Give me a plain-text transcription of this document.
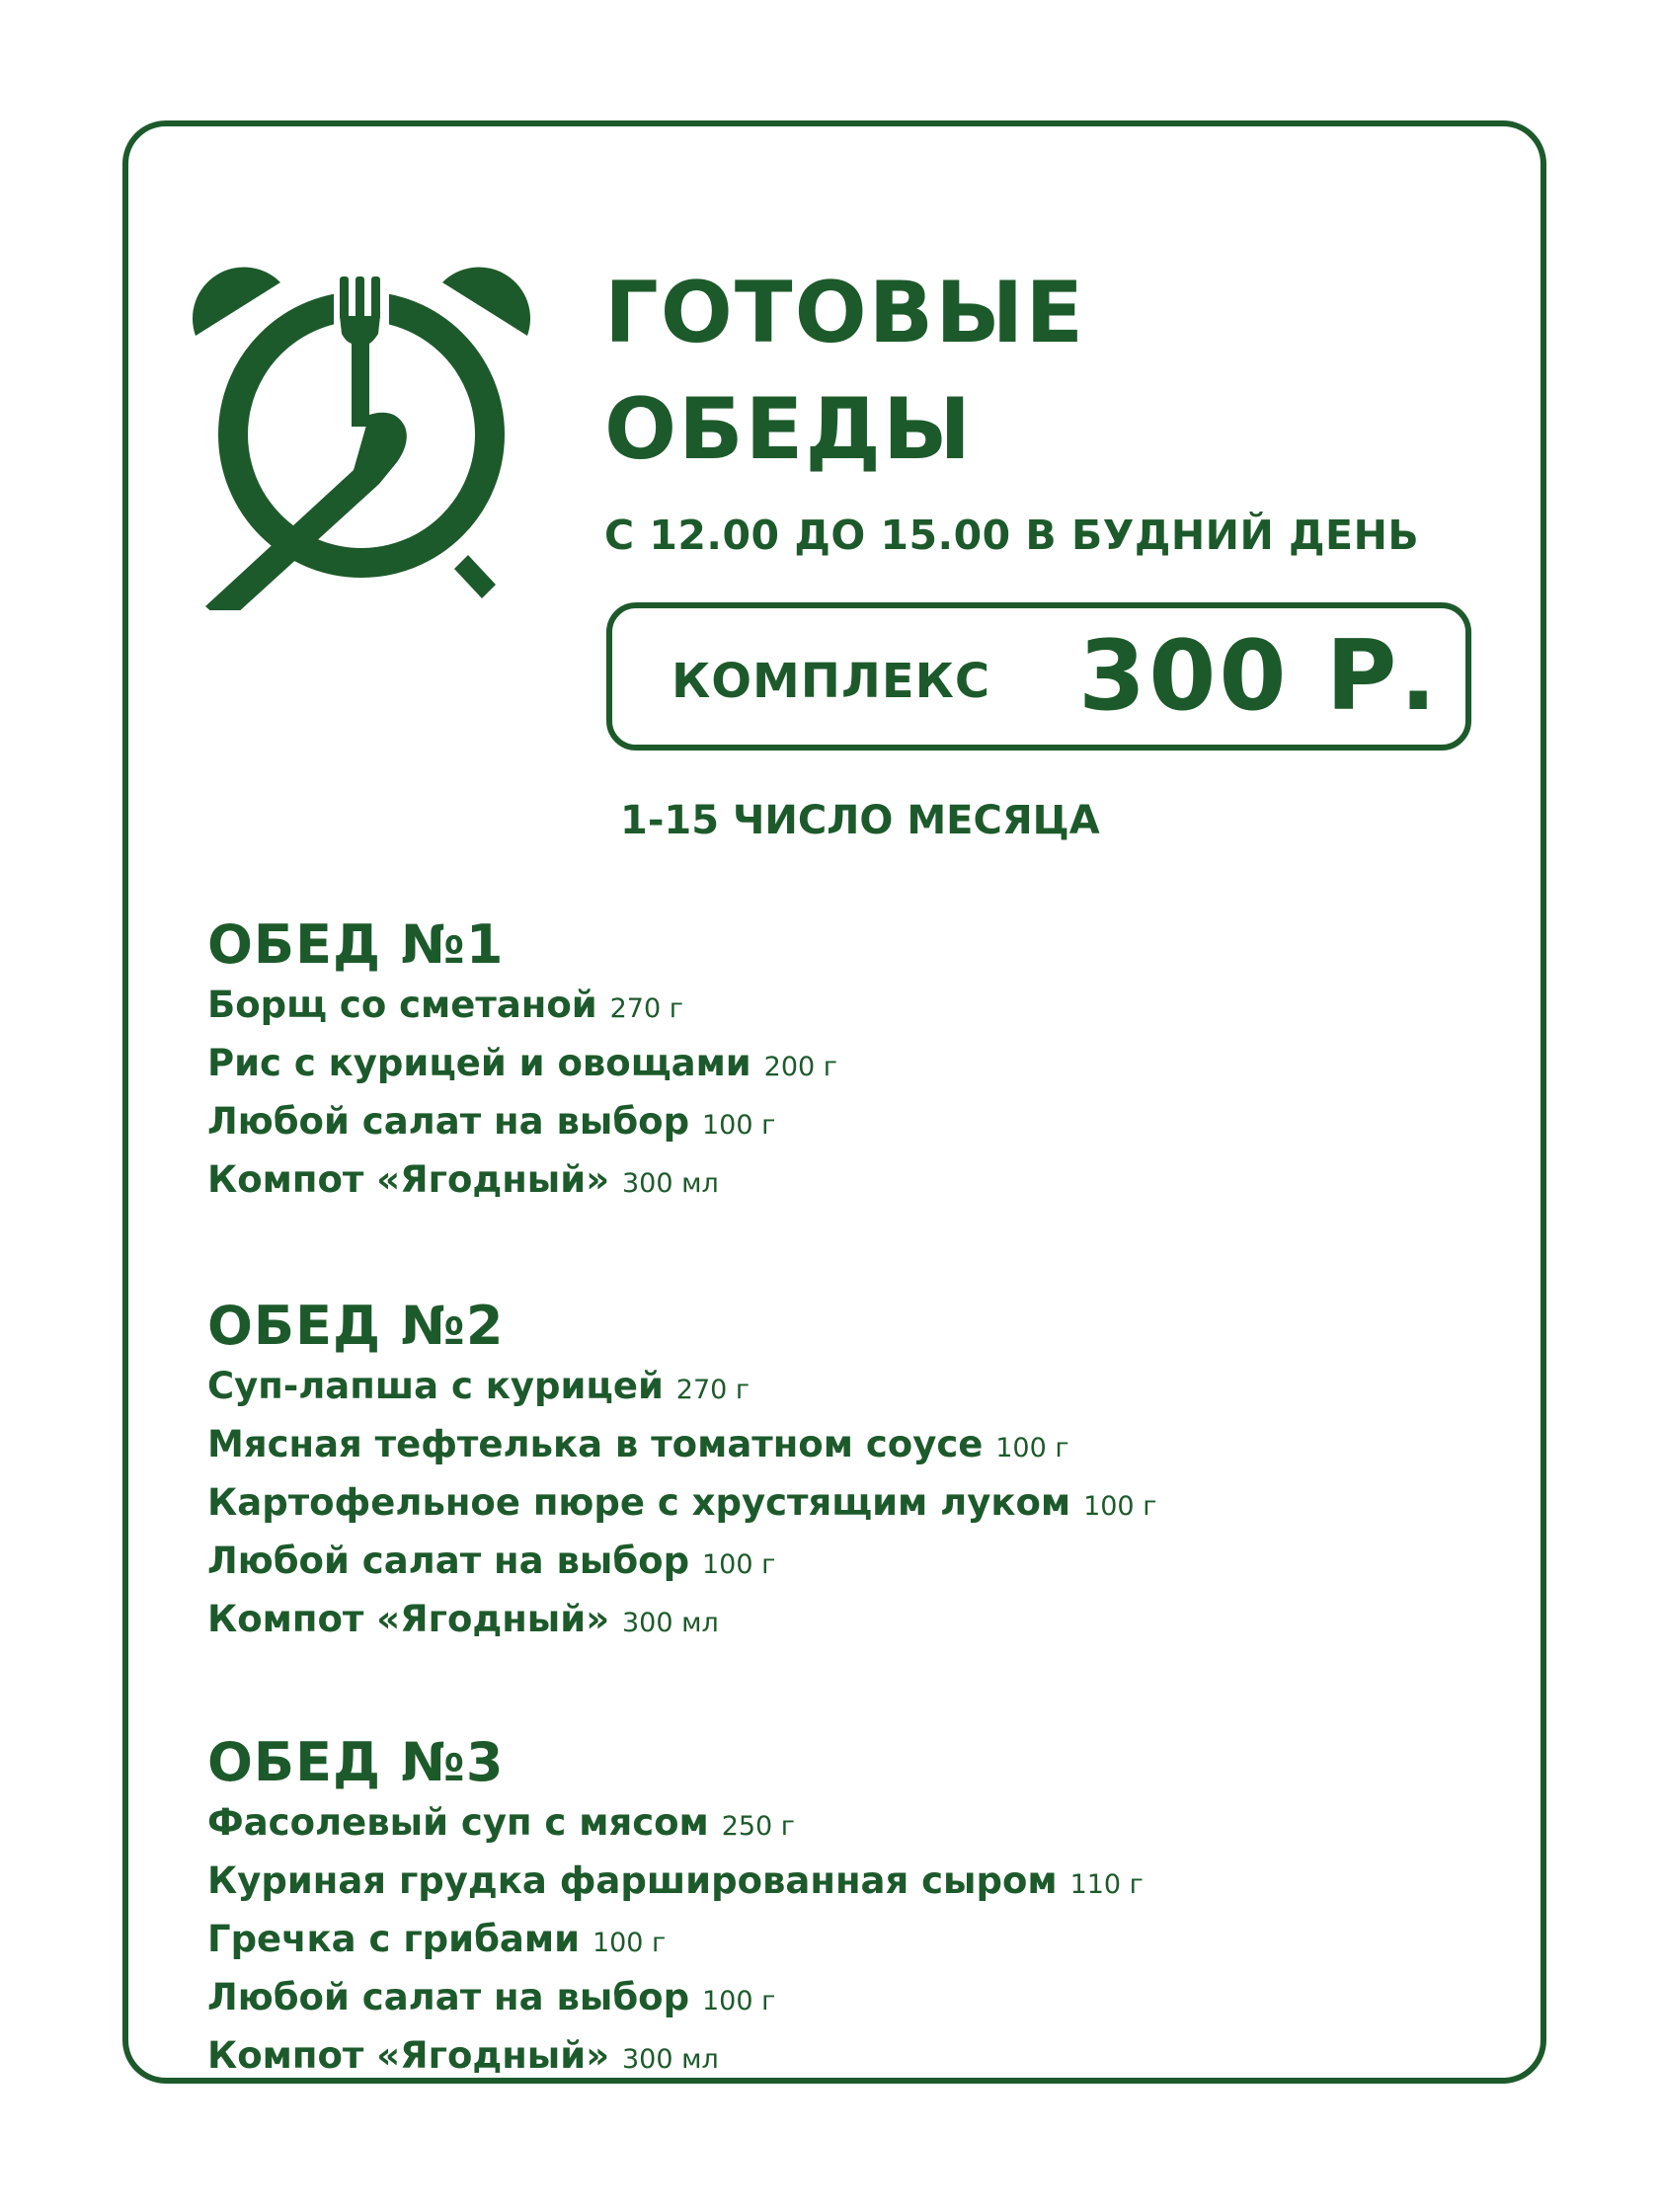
ГОТОВЫЕ
ОБЕДЫ
С 12.00 ДО 15.00 В БУДНИЙ ДЕНЬ
КОМПЛЕКС 300 Р.
1-15 ЧИСЛО МЕСЯЦА
ОБЕД №1
Борщ со сметаной 270 г
Рис с курицей и овощами 200 г
Любой салат на выбор 100 г
Компот «Ягодный» 300 мл
ОБЕД №2
Суп-лапша с курицей 270 г
Мясная тефтелька в томатном соусе 100 г
Картофельное пюре с хрустящим луком 100 г
Любой салат на выбор 100 г
Компот «Ягодный» 300 мл
ОБЕД №3
Фасолевый суп с мясом 250 г
Куриная грудка фаршированная сыром 110 г
Гречка с грибами 100 г
Любой салат на выбор 100 г
Компот «Ягодный» 300 мл
